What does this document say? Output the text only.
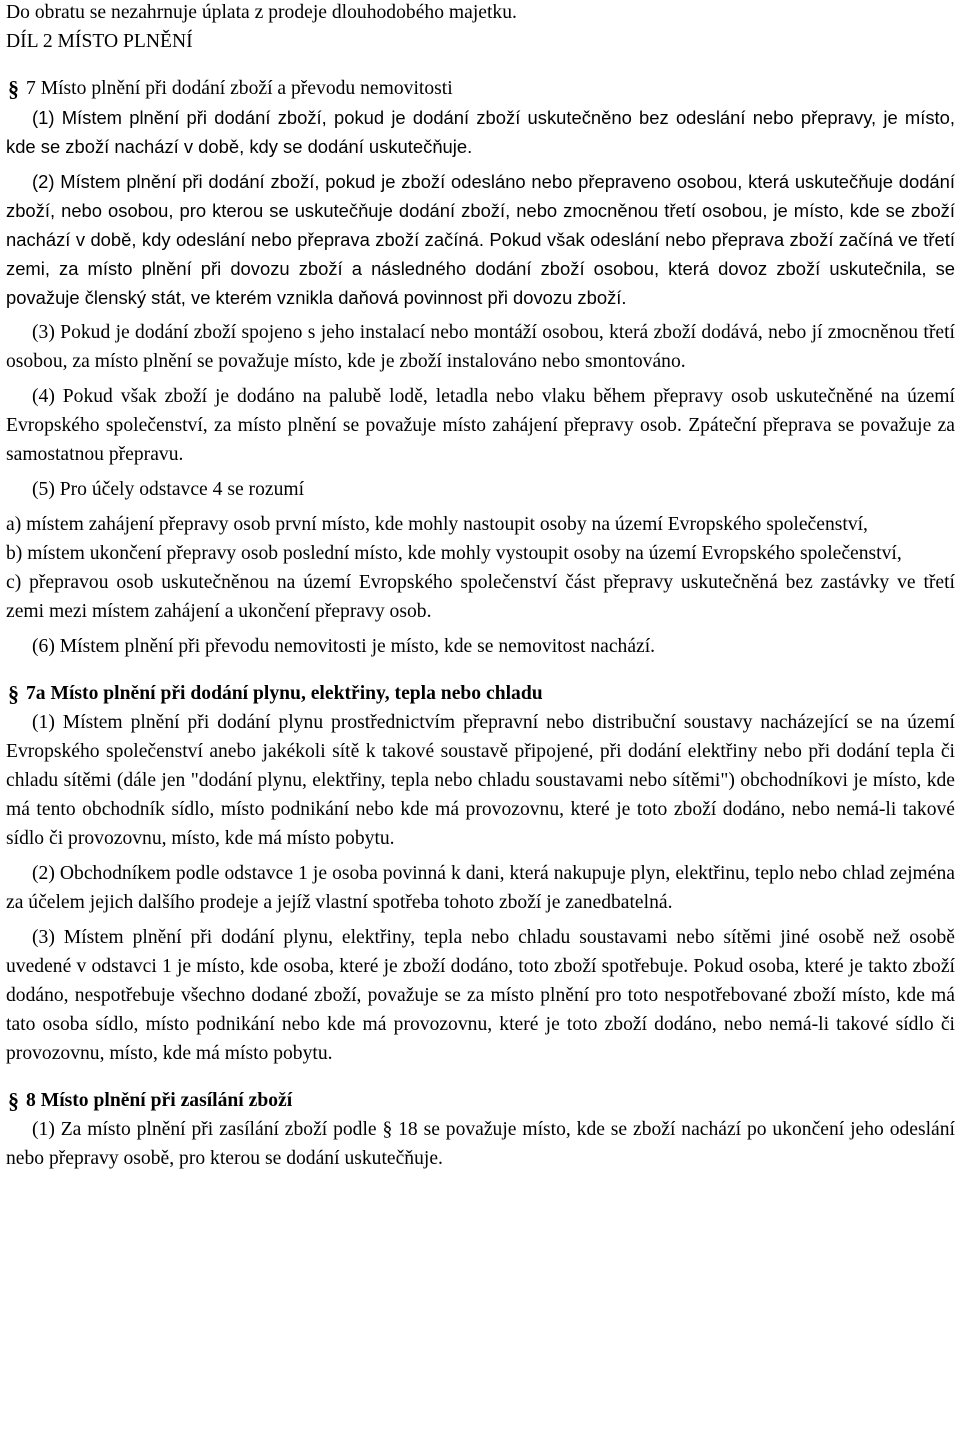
Do obratu se nezahrnuje úplata z prodeje dlouhodobého majetku.

DÍL 2 MÍSTO PLNĚNÍ

§ 7 Místo plnění při dodání zboží a převodu nemovitosti

(1) Místem plnění při dodání zboží, pokud je dodání zboží uskutečněno bez odeslání nebo přepravy, je místo, kde se zboží nachází v době, kdy se dodání uskutečňuje.

(2) Místem plnění při dodání zboží, pokud je zboží odesláno nebo přepraveno osobou, která uskutečňuje dodání zboží, nebo osobou, pro kterou se uskutečňuje dodání zboží, nebo zmocněnou třetí osobou, je místo, kde se zboží nachází v době, kdy odeslání nebo přeprava zboží začíná. Pokud však odeslání nebo přeprava zboží začíná ve třetí zemi, za místo plnění při dovozu zboží a následného dodání zboží osobou, která dovoz zboží uskutečnila, se považuje členský stát, ve kterém vznikla daňová povinnost při dovozu zboží.

(3) Pokud je dodání zboží spojeno s jeho instalací nebo montáží osobou, která zboží dodává, nebo jí zmocněnou třetí osobou, za místo plnění se považuje místo, kde je zboží instalováno nebo smontováno.

(4) Pokud však zboží je dodáno na palubě lodě, letadla nebo vlaku během přepravy osob uskutečněné na území Evropského společenství, za místo plnění se považuje místo zahájení přepravy osob. Zpáteční přeprava se považuje za samostatnou přepravu.

(5) Pro účely odstavce 4 se rozumí

a) místem zahájení přepravy osob první místo, kde mohly nastoupit osoby na území Evropského společenství,

b) místem ukončení přepravy osob poslední místo, kde mohly vystoupit osoby na území Evropského společenství,

c) přepravou osob uskutečněnou na území Evropského společenství část přepravy uskutečněná bez zastávky ve třetí zemi mezi místem zahájení a ukončení přepravy osob.

(6) Místem plnění při převodu nemovitosti je místo, kde se nemovitost nachází.

§ 7a Místo plnění při dodání plynu, elektřiny, tepla nebo chladu

(1) Místem plnění při dodání plynu prostřednictvím přepravní nebo distribuční soustavy nacházející se na území Evropského společenství anebo jakékoli sítě k takové soustavě připojené, při dodání elektřiny nebo při dodání tepla či chladu sítěmi (dále jen "dodání plynu, elektřiny, tepla nebo chladu soustavami nebo sítěmi") obchodníkovi je místo, kde má tento obchodník sídlo, místo podnikání nebo kde má provozovnu, které je toto zboží dodáno, nebo nemá-li takové sídlo či provozovnu, místo, kde má místo pobytu.

(2) Obchodníkem podle odstavce 1 je osoba povinná k dani, která nakupuje plyn, elektřinu, teplo nebo chlad zejména za účelem jejich dalšího prodeje a jejíž vlastní spotřeba tohoto zboží je zanedbatelná.

(3) Místem plnění při dodání plynu, elektřiny, tepla nebo chladu soustavami nebo sítěmi jiné osobě než osobě uvedené v odstavci 1 je místo, kde osoba, které je zboží dodáno, toto zboží spotřebuje. Pokud osoba, které je takto zboží dodáno, nespotřebuje všechno dodané zboží, považuje se za místo plnění pro toto nespotřebované zboží místo, kde má tato osoba sídlo, místo podnikání nebo kde má provozovnu, které je toto zboží dodáno, nebo nemá-li takové sídlo či provozovnu, místo, kde má místo pobytu.

§ 8 Místo plnění při zasílání zboží

(1) Za místo plnění při zasílání zboží podle § 18 se považuje místo, kde se zboží nachází po ukončení jeho odeslání nebo přepravy osobě, pro kterou se dodání uskutečňuje.
